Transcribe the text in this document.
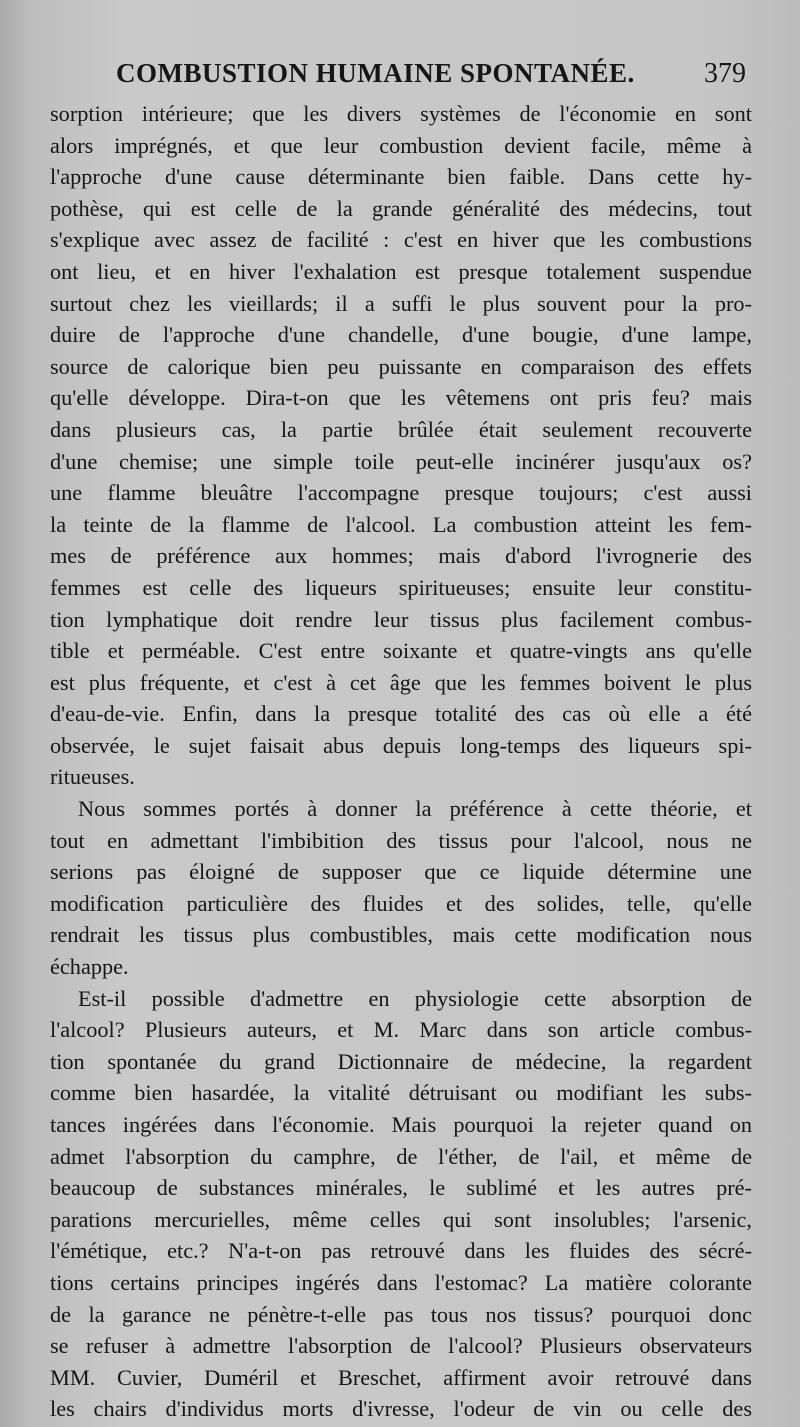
COMBUSTION HUMAINE SPONTANÉE. 379
sorption intérieure; que les divers systèmes de l'économie en sont
alors imprégnés, et que leur combustion devient facile, même à
l'approche d'une cause déterminante bien faible. Dans cette hy-
pothèse, qui est celle de la grande généralité des médecins, tout
s'explique avec assez de facilité : c'est en hiver que les combustions
ont lieu, et en hiver l'exhalation est presque totalement suspendue
surtout chez les vieillards; il a suffi le plus souvent pour la pro-
duire de l'approche d'une chandelle, d'une bougie, d'une lampe,
source de calorique bien peu puissante en comparaison des effets
qu'elle développe. Dira-t-on que les vêtemens ont pris feu? mais
dans plusieurs cas, la partie brûlée était seulement recouverte
d'une chemise; une simple toile peut-elle incinérer jusqu'aux os?
une flamme bleuâtre l'accompagne presque toujours; c'est aussi
la teinte de la flamme de l'alcool. La combustion atteint les fem-
mes de préférence aux hommes; mais d'abord l'ivrognerie des
femmes est celle des liqueurs spiritueuses; ensuite leur constitu-
tion lymphatique doit rendre leur tissus plus facilement combus-
tible et perméable. C'est entre soixante et quatre-vingts ans qu'elle
est plus fréquente, et c'est à cet âge que les femmes boivent le plus
d'eau-de-vie. Enfin, dans la presque totalité des cas où elle a été
observée, le sujet faisait abus depuis long-temps des liqueurs spi-
ritueuses.
Nous sommes portés à donner la préférence à cette théorie, et
tout en admettant l'imbibition des tissus pour l'alcool, nous ne
serions pas éloigné de supposer que ce liquide détermine une
modification particulière des fluides et des solides, telle, qu'elle
rendrait les tissus plus combustibles, mais cette modification nous
échappe.
Est-il possible d'admettre en physiologie cette absorption de
l'alcool? Plusieurs auteurs, et M. Marc dans son article combus-
tion spontanée du grand Dictionnaire de médecine, la regardent
comme bien hasardée, la vitalité détruisant ou modifiant les subs-
tances ingérées dans l'économie. Mais pourquoi la rejeter quand on
admet l'absorption du camphre, de l'éther, de l'ail, et même de
beaucoup de substances minérales, le sublimé et les autres pré-
parations mercurielles, même celles qui sont insolubles; l'arsenic,
l'émétique, etc.? N'a-t-on pas retrouvé dans les fluides des sécré-
tions certains principes ingérés dans l'estomac? La matière colorante
de la garance ne pénètre-t-elle pas tous nos tissus? pourquoi donc
se refuser à admettre l'absorption de l'alcool? Plusieurs observateurs
MM. Cuvier, Duméril et Breschet, affirment avoir retrouvé dans
les chairs d'individus morts d'ivresse, l'odeur de vin ou celle des
